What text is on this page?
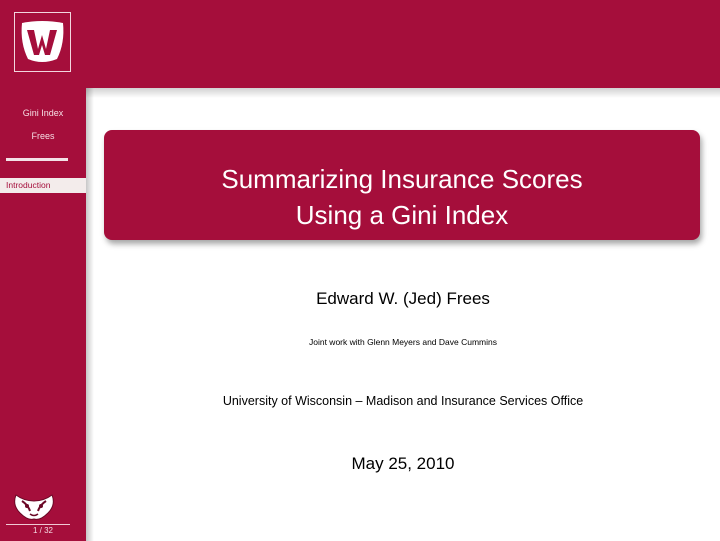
Gini Index
Frees
Introduction
1 / 32
Summarizing Insurance Scores
Using a Gini Index
Edward W. (Jed) Frees
Joint work with Glenn Meyers and Dave Cummins
University of Wisconsin – Madison and Insurance Services Office
May 25, 2010
